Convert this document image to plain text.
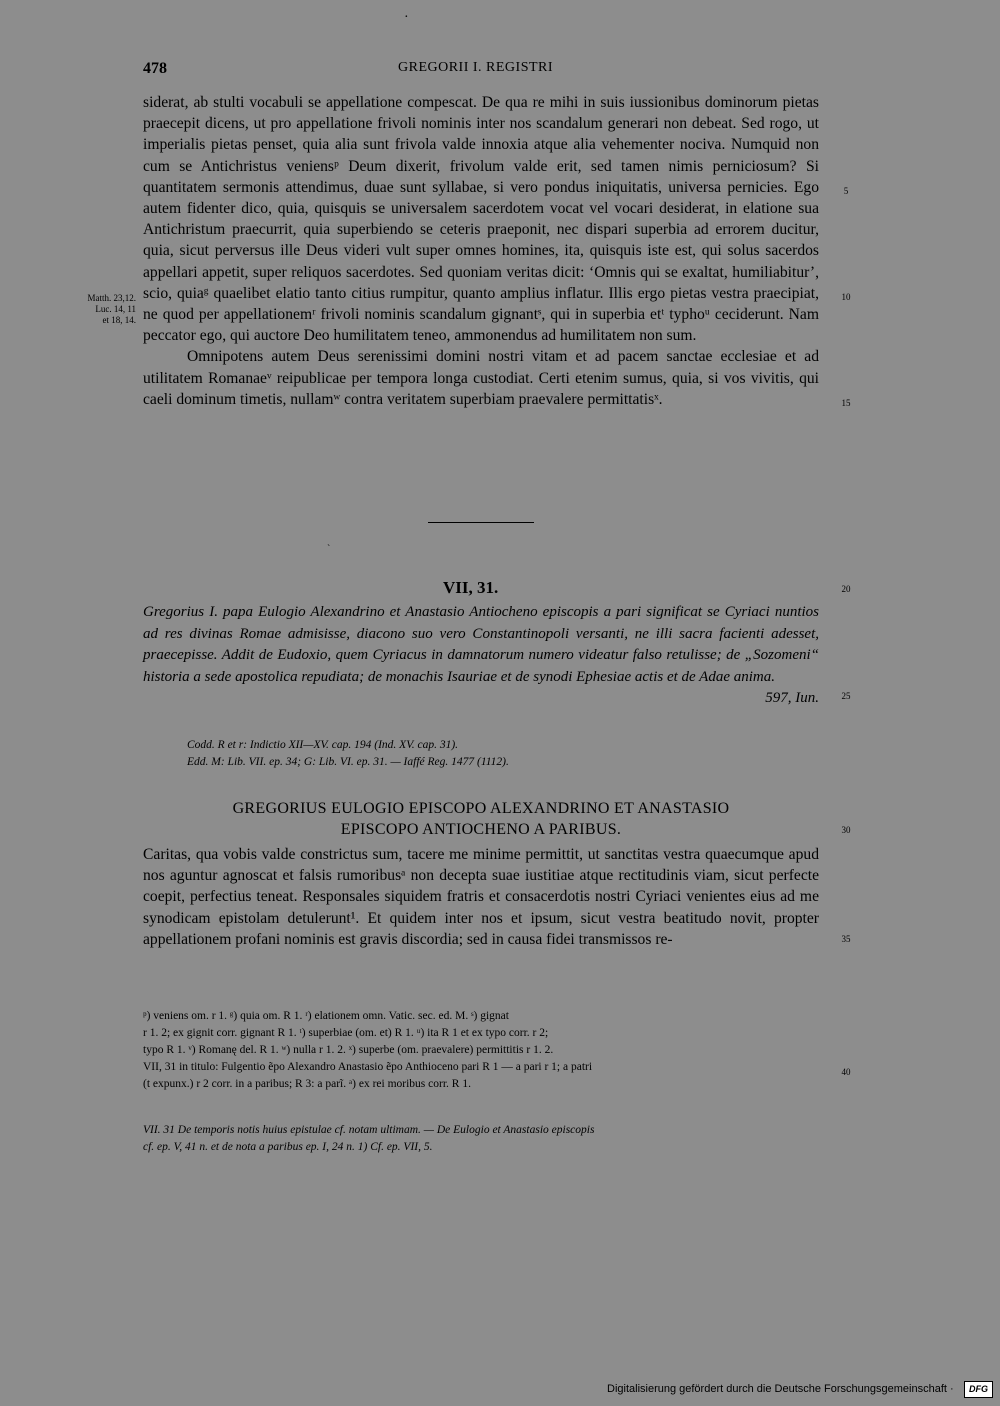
·
478	GREGORII I. REGISTRI

siderat, ab stulti vocabuli se appellatione compescat. De qua re mihi in suis iussionibus dominorum pietas praecepit dicens, ut pro appellatione frivoli nominis inter nos scandalum generari non debeat. Sed rogo, ut imperialis pietas penset, quia alia sunt frivola valde innoxia atque alia vehementer nociva. Numquid non cum se Antichristus veniensᵖ Deum dixerit, frivolum valde erit, sed tamen nimis perniciosum? Si quantitatem sermonis attendimus, duae sunt syllabae, si vero pondus iniquitatis, universa pernicies. Ego autem fidenter dico, quia, quisquis se universalem sacerdotem vocat vel vocari desiderat, in elatione sua Antichristum praecurrit, quia superbiendo se ceteris praeponit, nec dispari superbia ad errorem ducitur, quia, sicut perversus ille Deus videri vult super omnes homines, ita, quisquis iste est, qui solus sacerdos appellari appetit, super reliquos sacerdotes. Sed quoniam veritas dicit: ‘Omnis qui se exaltat, humiliabitur’, scio, quiaᵍ quaelibet elatio tanto citius rumpitur, quanto amplius inflatur. Illis ergo pietas vestra praecipiat, ne quod per appellationemʳ frivoli nominis scandalum gignantˢ, qui in superbia etᵗ typhoᵘ ceciderunt. Nam peccator ego, qui auctore Deo humilitatem teneo, ammonendus ad humilitatem non sum.

Omnipotens autem Deus serenissimi domini nostri vitam et ad pacem sanctae ecclesiae et ad utilitatem Romanaeᵛ reipublicae per tempora longa custodiat. Certi etenim sumus, quia, si vos vivitis, qui caeli dominum timetis, nullamʷ contra veritatem superbiam praevalere permittatisˣ.

Matth. 23,12.
Luc. 14, 11
et 18, 14.
5
10
15
20
25
30
35
40
`
VII, 31.
Gregorius I. papa Eulogio Alexandrino et Anastasio Antiocheno episcopis a pari significat se Cyriaci nuntios ad res divinas Romae admisisse, diacono suo vero Constantinopoli versanti, ne illi sacra facienti adesset, praecepisse. Addit de Eudoxio, quem Cyriacus in damnatorum numero videatur falso retulisse; de „Sozomeni“ historia a sede apostolica repudiata; de monachis Isauriae et de synodi Ephesiae actis et de Adae anima.
597, Iun.
Codd. R et r: Indictio XII—XV. cap. 194 (Ind. XV. cap. 31).
Edd. M: Lib. VII. ep. 34; G: Lib. VI. ep. 31. — Iaffé Reg. 1477 (1112).
GREGORIUS EULOGIO EPISCOPO ALEXANDRINO ET ANASTASIO
EPISCOPO ANTIOCHENO A PARIBUS.

Caritas, qua vobis valde constrictus sum, tacere me minime permittit, ut sanctitas vestra quaecumque apud nos aguntur agnoscat et falsis rumoribusᵃ non decepta suae iustitiae atque rectitudinis viam, sicut perfecte coepit, perfectius teneat. Responsales siquidem fratris et consacerdotis nostri Cyriaci venientes eius ad me synodicam epistolam detulerunt¹. Et quidem inter nos et ipsum, sicut vestra beatitudo novit, propter appellationem profani nominis est gravis discordia; sed in causa fidei transmissos re-

ᵖ) veniens om. r 1. ᵍ) quia om. R 1. ʳ) elationem omn. Vatic. sec. ed. M. ˢ) gignat
r 1. 2; ex gignit corr. gignant R 1. ᵗ) superbiae (om. et) R 1. ᵘ) ita R 1 et ex typo corr. r 2;
typo R 1. ᵛ) Romanę del. R 1. ʷ) nulla r 1. 2. ˣ) superbe (om. praevalere) permittitis r 1. 2.
VII, 31 in titulo: Fulgentio ẽpo Alexandro Anastasio ẽpo Anthioceno pari R 1 — a pari r 1; a patri
(t expunx.) r 2 corr. in a paribus; R 3: a parĩ. ᵃ) ex rei moribus corr. R 1.
VII. 31 De temporis notis huius epistulae cf. notam ultimam. — De Eulogio et Anastasio episcopis
cf. ep. V, 41 n. et de nota a paribus ep. I, 24 n. 1) Cf. ep. VII, 5.
Digitalisierung gefördert durch die Deutsche Forschungsgemeinschaft ·	DFG
